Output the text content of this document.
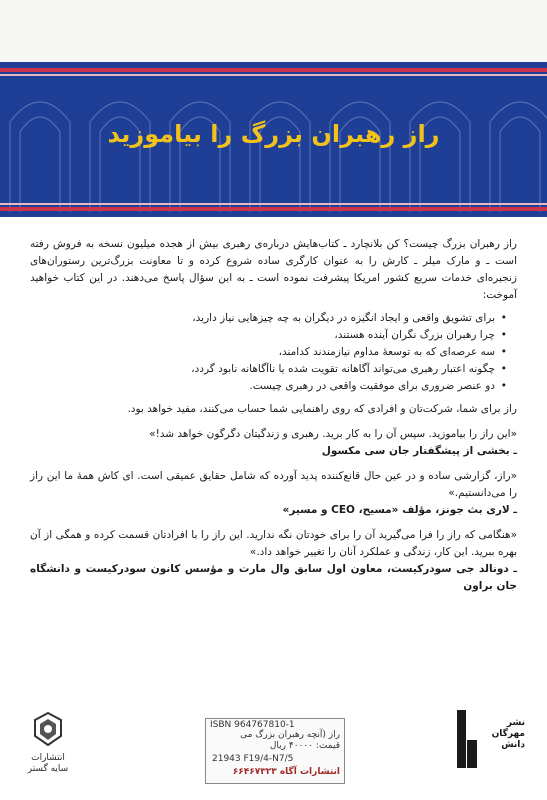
راز رهبران بزرگ را بیاموزید

راز رهبران بزرگ چیست؟ کن بلانچارد ـ کتاب‌هایش درباره‌ی رهبری بیش از هجده میلیون نسخه به فروش رفته است ـ و مارک میلر ـ کارش را به عنوان کارگری ساده شروع کرده و تا معاونت بزرگ‌ترین رستوران‌های زنجیره‌ای خدمات سریع کشور امریکا پیشرفت نموده است ـ به این سؤال پاسخ می‌دهند. در این کتاب خواهید آموخت:

•
برای تشویق واقعی و ایجاد انگیزه در دیگران به چه چیزهایی نیاز دارید،
•
چرا رهبران بزرگ نگران آینده هستند،
•
سه عرصه‌ای که به توسعهٔ مداوم نیازمندند کدامند،
•
چگونه اعتبار رهبری می‌تواند آگاهانه تقویت شده یا ناآگاهانه نابود گردد،
•
دو عنصر ضروری برای موفقیت واقعی در رهبری چیست.

راز برای شما، شرکت‌تان و افرادی که روی راهنمایی شما حساب می‌کنند، مفید خواهد بود.

«این راز را بیاموزید. سپس آن را به کار برید. رهبری و زندگیتان دگرگون خواهد شد!»

ـ بخشی از پیشگفتار جان سی مکسول

«راز، گزارشی ساده و در عین حال قانع‌کننده پدید آورده که شامل حقایق عمیقی است. ای کاش همهٔ ما این راز را می‌دانستیم.»

ـ لاری بث جونز، مؤلف «مسیح، CEO و مسیر»

«هنگامی که راز را فرا می‌گیرید آن را برای خودتان نگه ندارید. این راز را با افرادتان قسمت کرده و همگی از آن بهره ببرید. این کار، زندگی و عملکرد آنان را تغییر خواهد داد.»

ـ دونالد جی سودرکیست، معاون اول سابق وال مارت و مؤسس کانون سودرکیست و دانشگاه جان براون

انتشارات
سایه گستر
ISBN 964767810-1
راز (آنچه رهبران بزرگ می
قیمت: ۴۰۰۰۰ ریال
21943 F19/4-N7/5
انتشارات آگاه ۶۶۴۶۷۳۲۳
نشر
مهرگان
دانش
